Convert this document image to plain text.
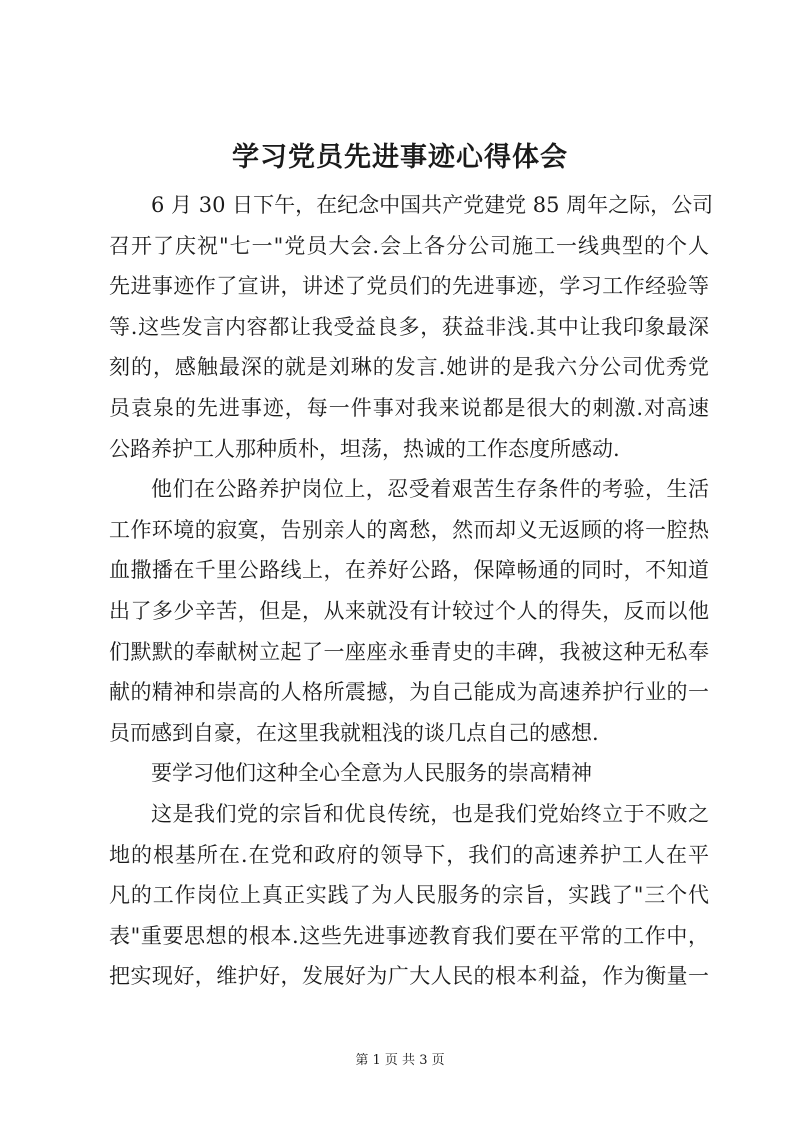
学习党员先进事迹心得体会
6 月 30 日下午，在纪念中国共产党建党 85 周年之际，公司
召开了庆祝"七一"党员大会.会上各分公司施工一线典型的个人
先进事迹作了宣讲，讲述了党员们的先进事迹，学习工作经验等
等.这些发言内容都让我受益良多，获益非浅.其中让我印象最深
刻的，感触最深的就是刘琳的发言.她讲的是我六分公司优秀党
员袁泉的先进事迹，每一件事对我来说都是很大的刺激.对高速
公路养护工人那种质朴，坦荡，热诚的工作态度所感动.
他们在公路养护岗位上，忍受着艰苦生存条件的考验，生活
工作环境的寂寞，告别亲人的离愁，然而却义无返顾的将一腔热
血撒播在千里公路线上，在养好公路，保障畅通的同时，不知道
出了多少辛苦，但是，从来就没有计较过个人的得失，反而以他
们默默的奉献树立起了一座座永垂青史的丰碑，我被这种无私奉
献的精神和崇高的人格所震撼，为自己能成为高速养护行业的一
员而感到自豪，在这里我就粗浅的谈几点自己的感想.
要学习他们这种全心全意为人民服务的崇高精神
这是我们党的宗旨和优良传统，也是我们党始终立于不败之
地的根基所在.在党和政府的领导下，我们的高速养护工人在平
凡的工作岗位上真正实践了为人民服务的宗旨，实践了"三个代
表"重要思想的根本.这些先进事迹教育我们要在平常的工作中，
把实现好，维护好，发展好为广大人民的根本利益，作为衡量一
第 1 页 共 3 页
